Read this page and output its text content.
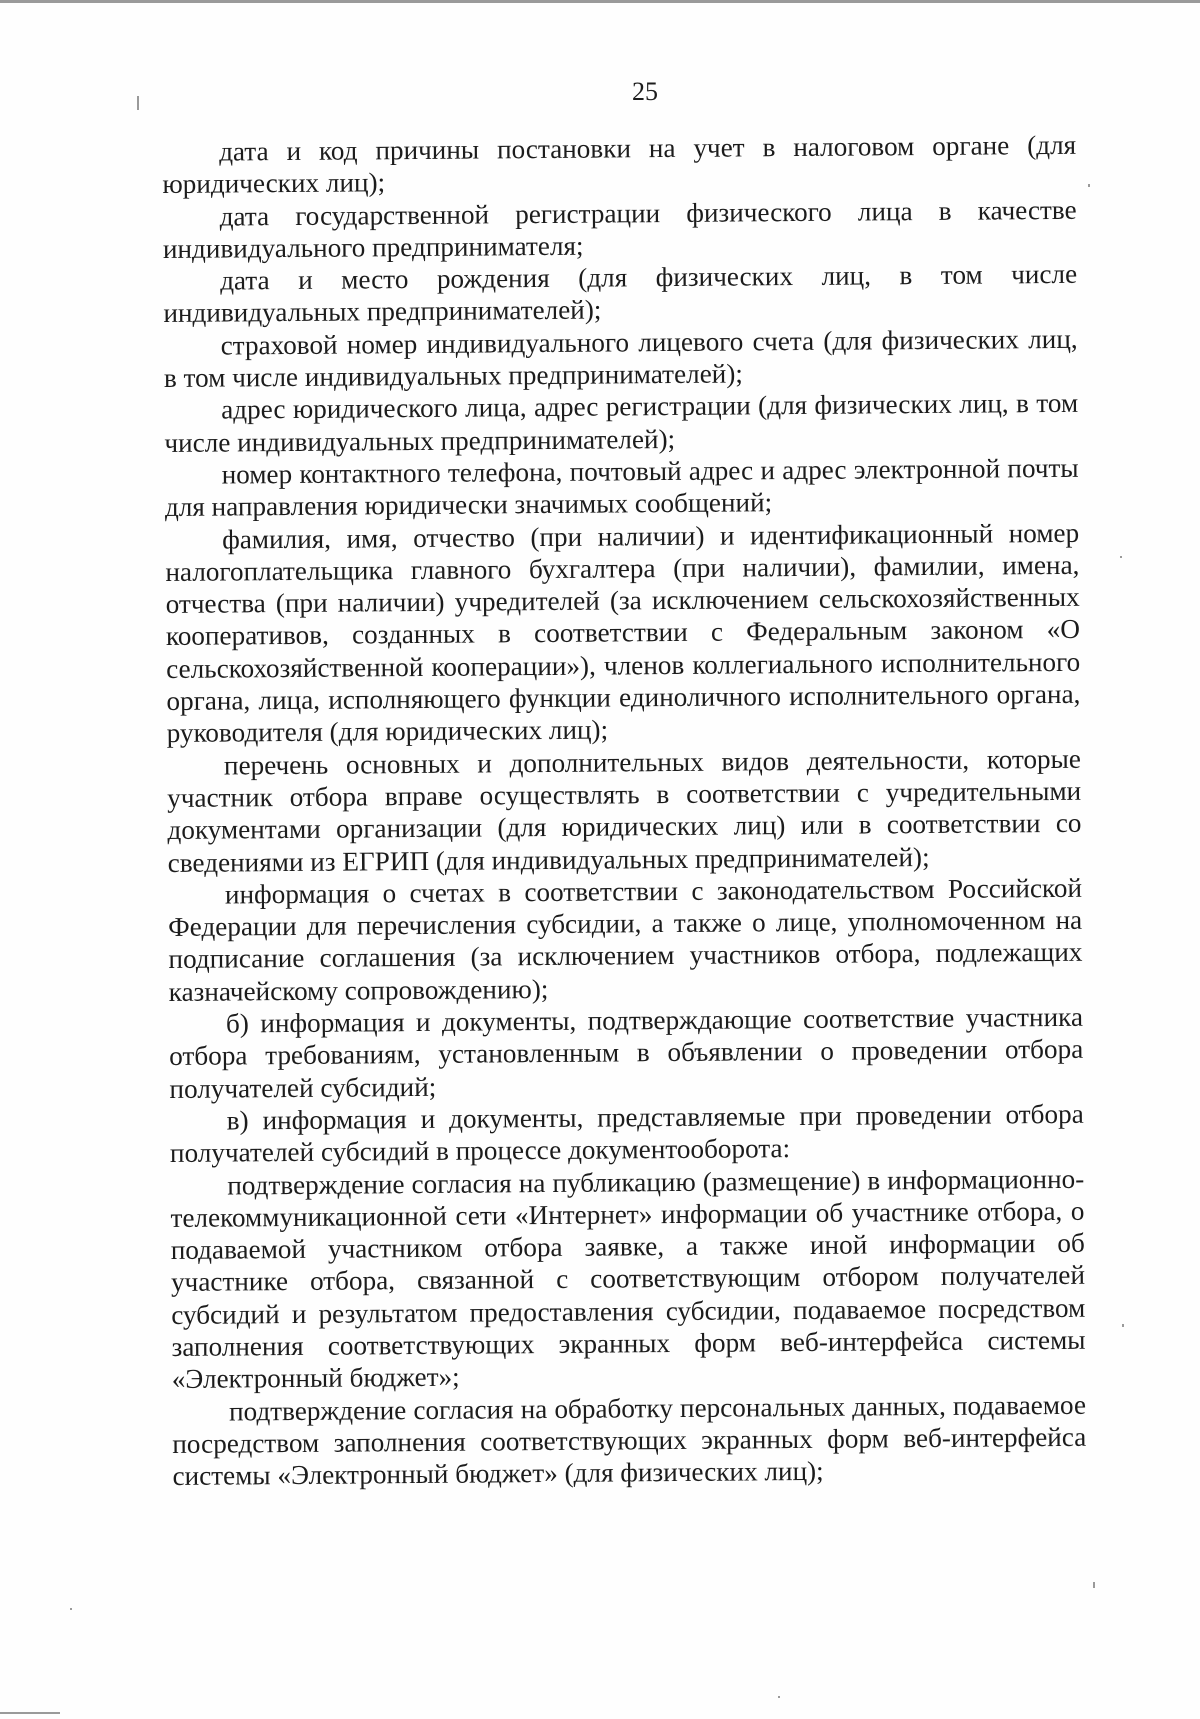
25

дата и код причины постановки на учет в налоговом органе (для юридических лиц);

дата государственной регистрации физического лица в качестве индивидуального предпринимателя;

дата и место рождения (для физических лиц, в том числе индивидуальных предпринимателей);

страховой номер индивидуального лицевого счета (для физических лиц, в том числе индивидуальных предпринимателей);

адрес юридического лица, адрес регистрации (для физических лиц, в том числе индивидуальных предпринимателей);

номер контактного телефона, почтовый адрес и адрес электронной почты для направления юридически значимых сообщений;

фамилия, имя, отчество (при наличии) и идентификационный номер налогоплательщика главного бухгалтера (при наличии), фамилии, имена, отчества (при наличии) учредителей (за исключением сельскохозяйственных кооперативов, созданных в соответствии с Федеральным законом «О сельскохозяйственной кооперации»), членов коллегиального исполнительного органа, лица, исполняющего функции единоличного исполнительного органа, руководителя (для юридических лиц);

перечень основных и дополнительных видов деятельности, которые участник отбора вправе осуществлять в соответствии с учредительными документами организации (для юридических лиц) или в соответствии со сведениями из ЕГРИП (для индивидуальных предпринимателей);

информация о счетах в соответствии с законодательством Российской Федерации для перечисления субсидии, а также о лице, уполномоченном на подписание соглашения (за исключением участников отбора, подлежащих казначейскому сопровождению);

б) информация и документы, подтверждающие соответствие участника отбора требованиям, установленным в объявлении о проведении отбора получателей субсидий;

в) информация и документы, представляемые при проведении отбора получателей субсидий в процессе документооборота:

подтверждение согласия на публикацию (размещение) в информационно-телекоммуникационной сети «Интернет» информации об участнике отбора, о подаваемой участником отбора заявке, а также иной информации об участнике отбора, связанной с соответствующим отбором получателей субсидий и результатом предоставления субсидии, подаваемое посредством заполнения соответствующих экранных форм веб-интерфейса системы «Электронный бюджет»;

подтверждение согласия на обработку персональных данных, подаваемое посредством заполнения соответствующих экранных форм веб-интерфейса системы «Электронный бюджет» (для физических лиц);
